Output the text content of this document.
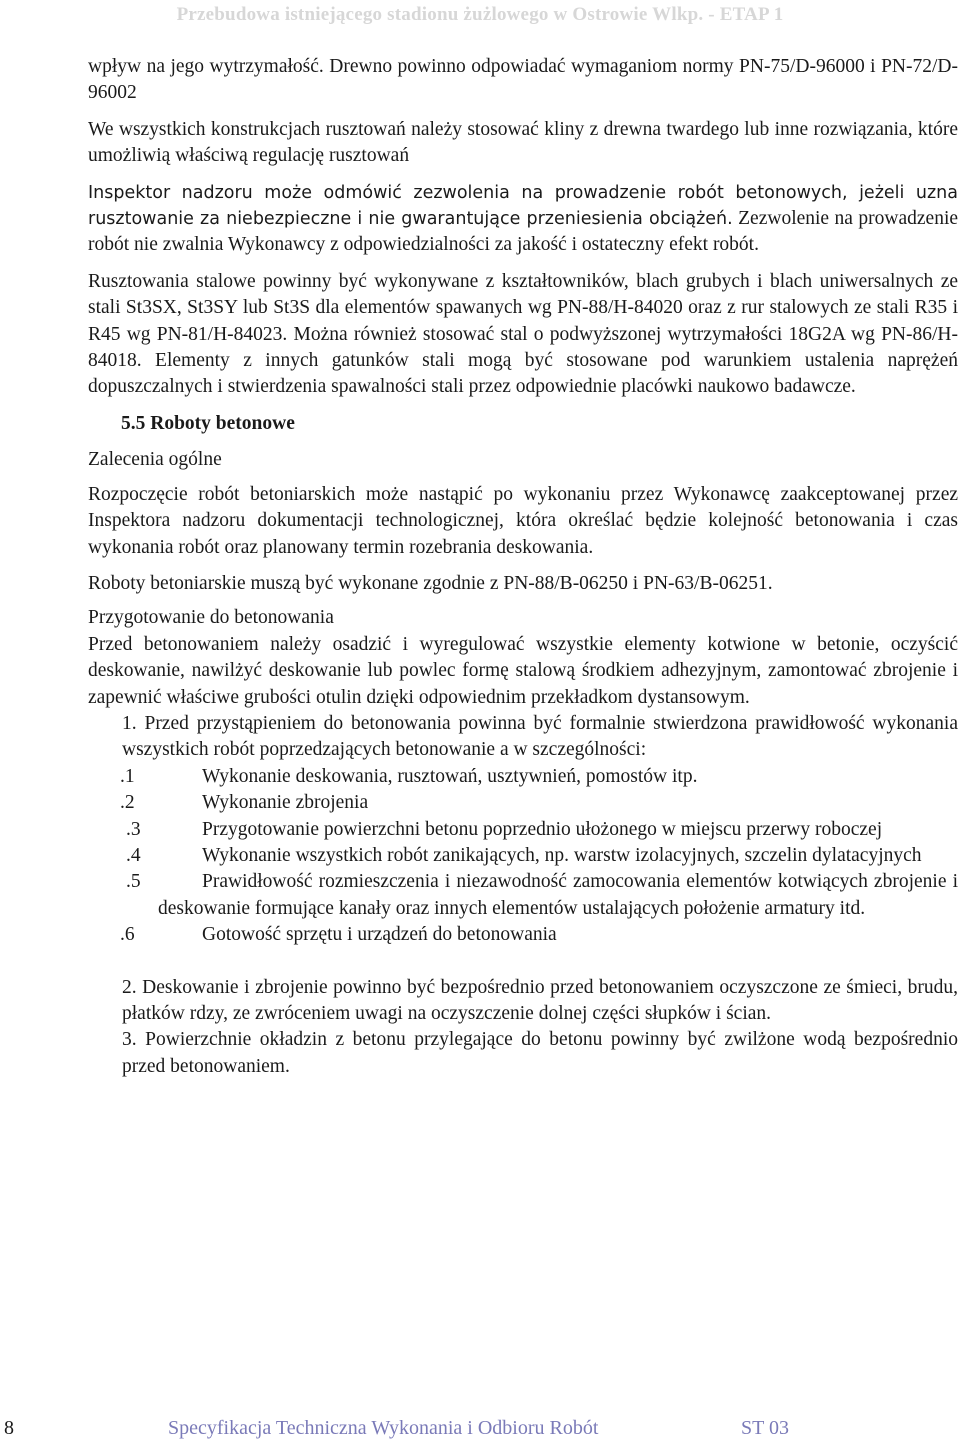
Przebudowa istniejącego stadionu żużlowego w Ostrowie Wlkp. - ETAP 1

wpływ na jego wytrzymałość. Drewno powinno odpowiadać wymaganiom normy PN-75/D-96000 i PN-72/D-96002

We wszystkich konstrukcjach rusztowań należy stosować kliny z drewna twardego lub inne rozwiązania, które umożliwią właściwą regulację rusztowań

Inspektor nadzoru może odmówić zezwolenia na prowadzenie robót betonowych, jeżeli uzna rusztowanie za niebezpieczne i nie gwarantujące przeniesienia obciążeń. Zezwolenie na prowadzenie robót nie zwalnia Wykonawcy z odpowiedzialności za jakość i ostateczny efekt robót.

Rusztowania stalowe powinny być wykonywane z kształtowników, blach grubych i blach uniwersalnych ze stali St3SX, St3SY lub St3S dla elementów spawanych wg PN-88/H-84020 oraz z rur stalowych ze stali R35 i R45 wg PN-81/H-84023. Można również stosować stal o podwyższonej wytrzymałości 18G2A wg PN-86/H-84018. Elementy z innych gatunków stali mogą być stosowane pod warunkiem ustalenia naprężeń dopuszczalnych i stwierdzenia spawalności stali przez odpowiednie placówki naukowo badawcze.

5.5 Roboty betonowe

Zalecenia ogólne

Rozpoczęcie robót betoniarskich może nastąpić po wykonaniu przez Wykonawcę zaakceptowanej przez Inspektora nadzoru dokumentacji technologicznej, która określać będzie kolejność betonowania i czas wykonania robót oraz planowany termin rozebrania deskowania.

Roboty betoniarskie muszą być wykonane zgodnie z PN-88/B-06250 i PN-63/B-06251.

Przygotowanie do betonowania

Przed betonowaniem należy osadzić i wyregulować wszystkie elementy kotwione w betonie, oczyścić deskowanie, nawilżyć deskowanie lub powlec formę stalową środkiem adhezyjnym, zamontować zbrojenie i zapewnić właściwe grubości otulin dzięki odpowiednim przekładkom dystansowym.

1. Przed przystąpieniem do betonowania powinna być formalnie stwierdzona prawidłowość wykonania wszystkich robót poprzedzających betonowanie a w szczególności:

.1	Wykonanie deskowania, rusztowań, usztywnień, pomostów itp.

.2	Wykonanie zbrojenia

.3	Przygotowanie powierzchni betonu poprzednio ułożonego w miejscu przerwy roboczej

.4	Wykonanie wszystkich robót zanikających, np. warstw izolacyjnych, szczelin dylatacyjnych

.5	Prawidłowość rozmieszczenia i niezawodność zamocowania elementów kotwiących zbrojenie i deskowanie formujące kanały oraz innych elementów ustalających położenie armatury itd.

.6	Gotowość sprzętu i urządzeń do betonowania

2. Deskowanie i zbrojenie powinno być bezpośrednio przed betonowaniem oczyszczone ze śmieci, brudu, płatków rdzy, ze zwróceniem uwagi na oczyszczenie dolnej części słupków i ścian.

3. Powierzchnie okładzin z betonu przylegające do betonu powinny być zwilżone wodą bezpośrednio przed betonowaniem.

8	Specyfikacja Techniczna Wykonania i Odbioru Robót	ST 03
